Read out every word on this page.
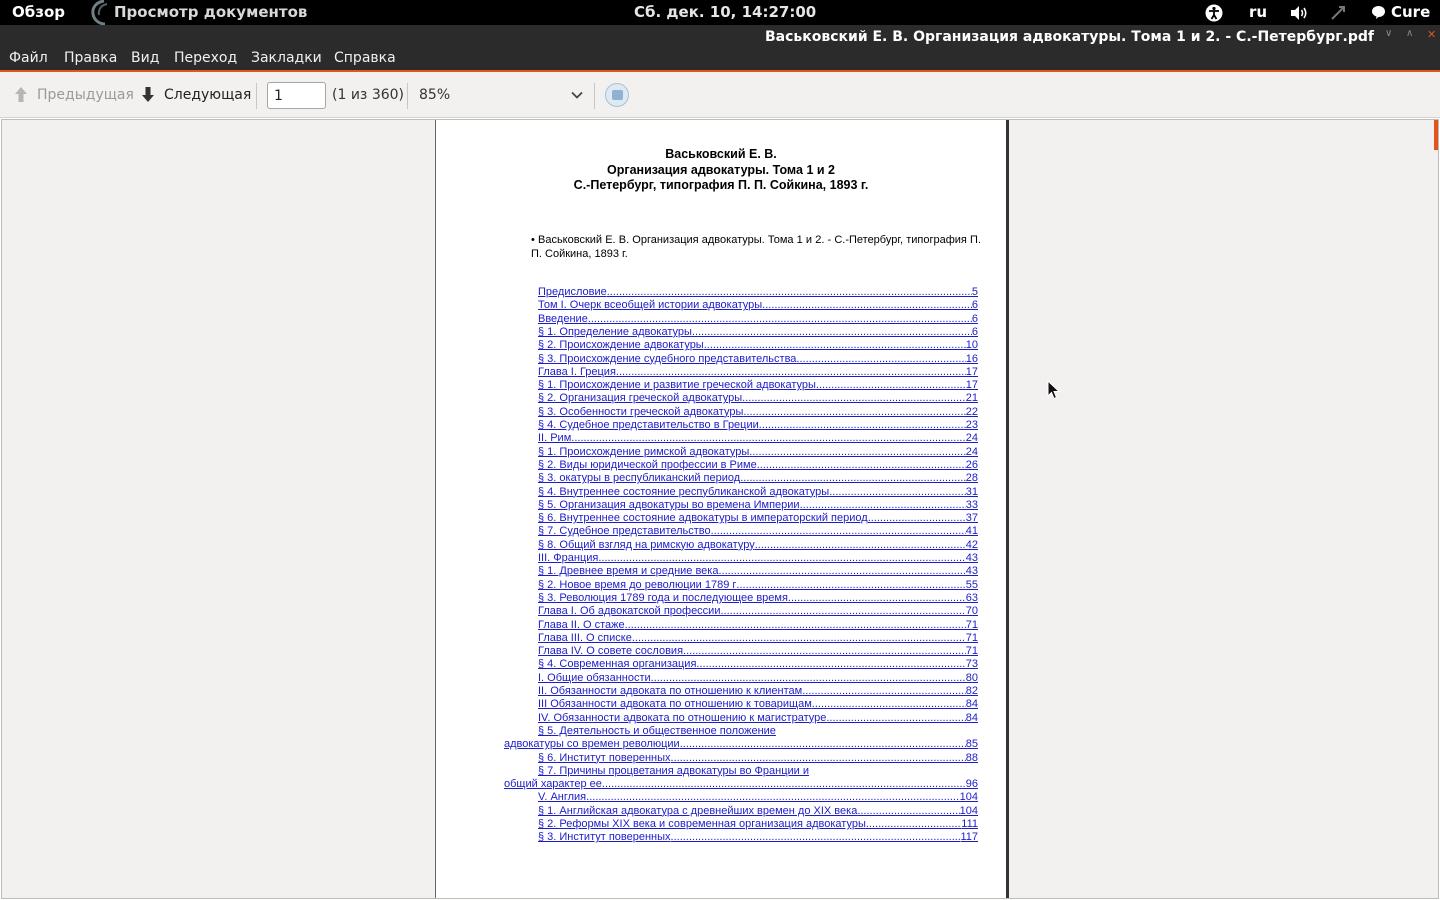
Обзор	Просмотр документов	Сб. дек. 10, 14:27:00	ru	Cure
Васьковский Е. В. Организация адвокатуры. Тома 1 и 2. - С.-Петербург.pdf ∨ ∧ ✕
Файл Правка Вид Переход Закладки Справка
Предыдущая Следующая
1	(1 из 360) 85%
Васьковский Е. В.
Организация адвокатуры. Тома 1 и 2
С.-Петербург, типография П. П. Сойкина, 1893 г.
• Васьковский Е. В. Организация адвокатуры. Тома 1 и 2. - С.-Петербург, типография П. П. Сойкина, 1893 г.
Предисловие .....	5
Том I. Очерк всеобщей истории адвокатуры .....	6
Введение .....	6
§ 1. Определение адвокатуры .....	6
§ 2. Происхождение адвокатуры .....	10
§ 3. Происхождение судебного представительства .....	16
Глава I. Греция .....	17
§ 1. Происхождение и развитие греческой адвокатуры .....	17
§ 2. Организация греческой адвокатуры .....	21
§ 3. Особенности греческой адвокатуры .....	22
§ 4. Судебное представительство в Греции .....	23
II. Рим .....	24
§ 1. Происхождение римской адвокатуры .....	24
§ 2. Виды юридической профессии в Риме .....	26
§ 3. окатуры в республиканский период .....	28
§ 4. Внутреннее состояние республиканской адвокатуры .....	31
§ 5. Организация адвокатуры во времена Империи .....	33
§ 6. Внутреннее состояние адвокатуры в императорский период .....	37
§ 7. Судебное представительство .....	41
§ 8. Общий взгляд на римскую адвокатуру .....	42
III. Франция .....	43
§ 1. Древнее время и средние века .....	43
§ 2. Новое время до революции 1789 г .....	55
§ 3. Революция 1789 года и последующее время .....	63
Глава I. Об адвокатской профессии .....	70
Глава II. О стаже .....	71
Глава III. О списке .....	71
Глава IV. О совете сословия .....	71
§ 4. Современная организация .....	73
I. Общие обязанности .....	80
II. Обязанности адвоката по отношению к клиентам .....	82
III Обязанности адвоката по отношению к товарищам .....	84
IV. Обязанности адвоката по отношению к магистратуре .....	84
§ 5. Деятельность и общественное положение
адвокатуры со времен революции .....	85
§ 6. Институт поверенных .....	88
§ 7. Причины процветания адвокатуры во Франции и
общий характер ее .....	96
V. Англия .....	104
§ 1. Английская адвокатура с древнейших времен до XIX века .....	104
§ 2. Реформы XIX века и современная организация адвокатуры .....	111
§ 3. Институт поверенных .....	117
